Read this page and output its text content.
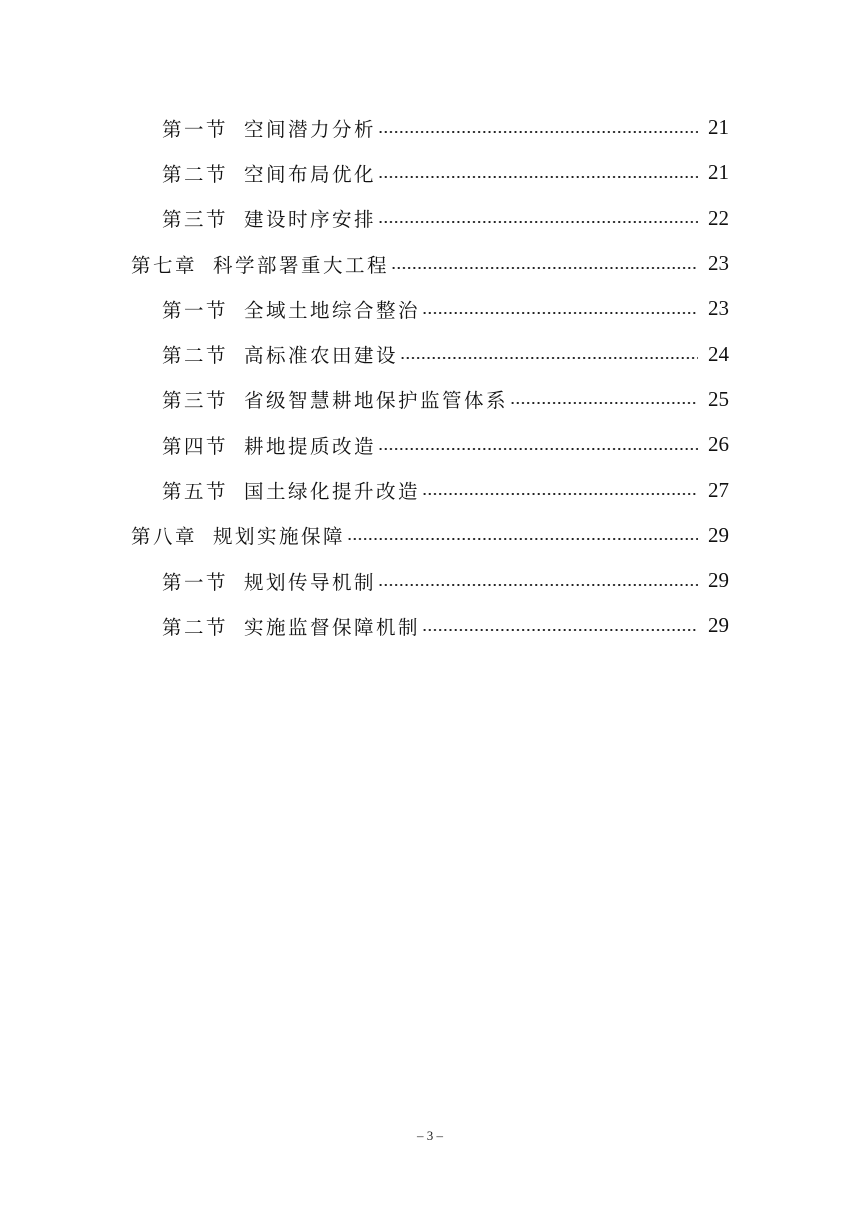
第一节 空间潜力分析	21
第二节 空间布局优化	21
第三节 建设时序安排	22
第七章 科学部署重大工程	23
第一节 全域土地综合整治	23
第二节 高标准农田建设	24
第三节 省级智慧耕地保护监管体系	25
第四节 耕地提质改造	26
第五节 国土绿化提升改造	27
第八章 规划实施保障	29
第一节 规划传导机制	29
第二节 实施监督保障机制	29
– 3 –
